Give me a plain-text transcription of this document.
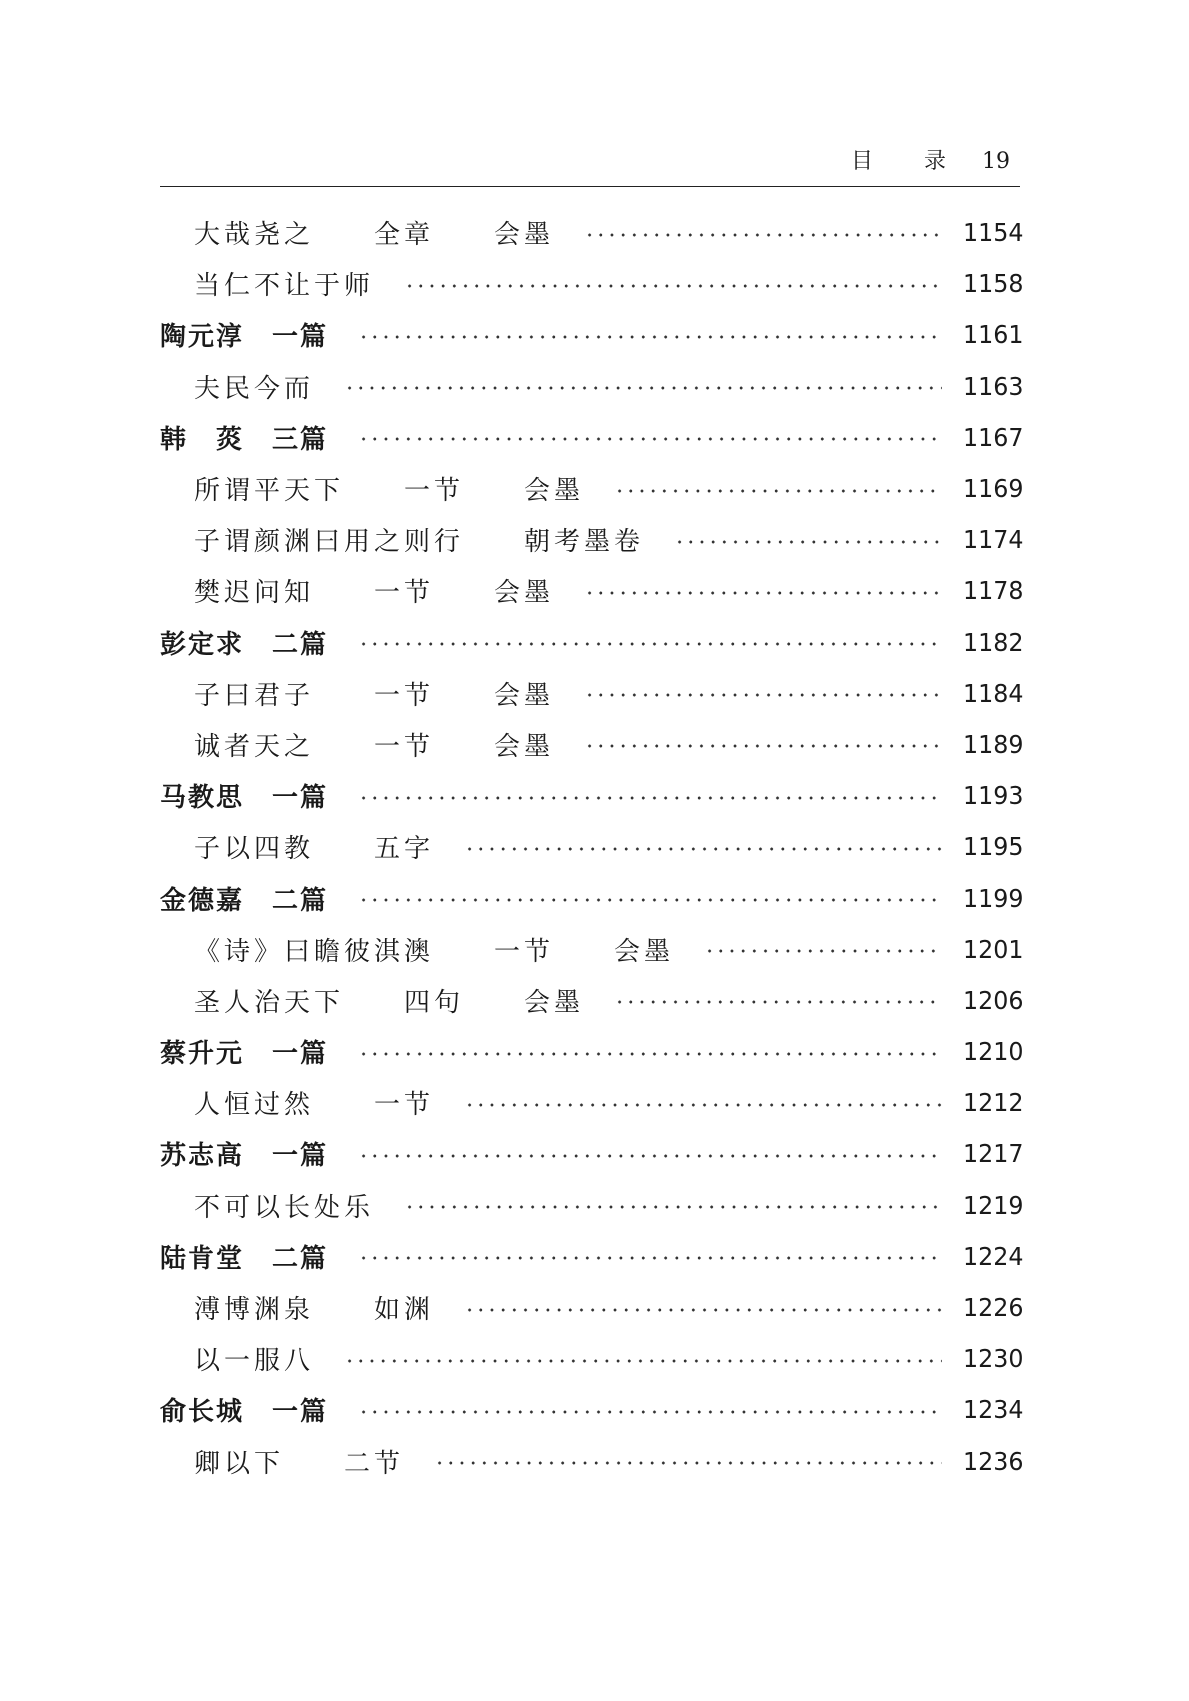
目 录 19
大哉尧之　　全章　　会墨	1154
当仁不让于师	1158
陶元淳　一篇	1161
夫民今而	1163
韩　菼　三篇	1167
所谓平天下　　一节　　会墨	1169
子谓颜渊曰用之则行　　朝考墨卷	1174
樊迟问知　　一节　　会墨	1178
彭定求　二篇	1182
子曰君子　　一节　　会墨	1184
诚者天之　　一节　　会墨	1189
马教思　一篇	1193
子以四教　　五字	1195
金德嘉　二篇	1199
《诗》曰瞻彼淇澳　　一节　　会墨	1201
圣人治天下　　四句　　会墨	1206
蔡升元　一篇	1210
人恒过然　　一节	1212
苏志高　一篇	1217
不可以长处乐	1219
陆肯堂　二篇	1224
溥博渊泉　　如渊	1226
以一服八	1230
俞长城　一篇	1234
卿以下　　二节	1236
